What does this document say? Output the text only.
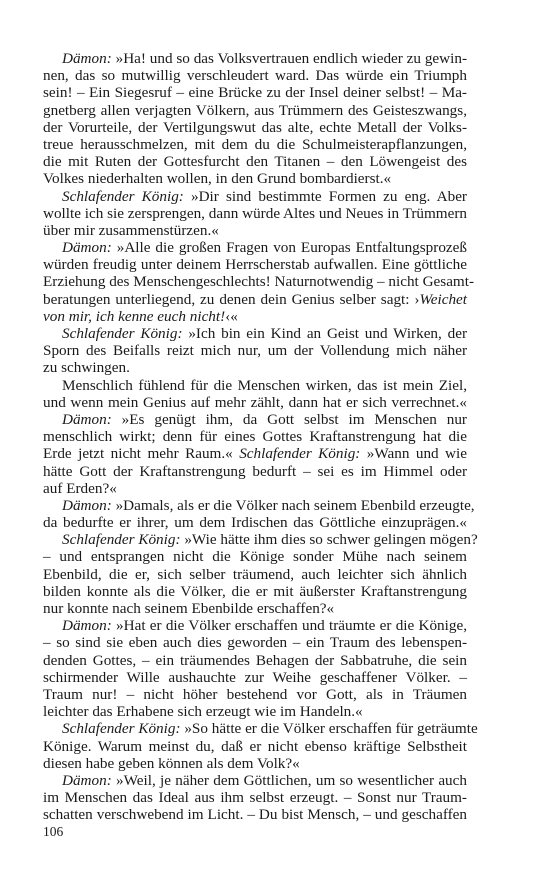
Dämon: »Ha! und so das Volksvertrauen endlich wieder zu gewin-
nen, das so mutwillig verschleudert ward. Das würde ein Triumph
sein! – Ein Siegesruf – eine Brücke zu der Insel deiner selbst! – Ma-
gnetberg allen verjagten Völkern, aus Trümmern des Geisteszwangs,
der Vorurteile, der Vertilgungswut das alte, echte Metall der Volks-
treue herausschmelzen, mit dem du die Schulmeisterapflanzungen,
die mit Ruten der Gottesfurcht den Titanen – den Löwengeist des
Volkes niederhalten wollen, in den Grund bombardierst.«
Schlafender König: »Dir sind bestimmte Formen zu eng. Aber
wollte ich sie zersprengen, dann würde Altes und Neues in Trümmern
über mir zusammenstürzen.«
Dämon: »Alle die großen Fragen von Europas Entfaltungsprozeß
würden freudig unter deinem Herrscherstab aufwallen. Eine göttliche
Erziehung des Menschengeschlechts! Naturnotwendig – nicht Gesamt-
beratungen unterliegend, zu denen dein Genius selber sagt: ›Weichet
von mir, ich kenne euch nicht!‹«
Schlafender König: »Ich bin ein Kind an Geist und Wirken, der
Sporn des Beifalls reizt mich nur, um der Vollendung mich näher
zu schwingen.
Menschlich fühlend für die Menschen wirken, das ist mein Ziel,
und wenn mein Genius auf mehr zählt, dann hat er sich verrechnet.«
Dämon: »Es genügt ihm, da Gott selbst im Menschen nur
menschlich wirkt; denn für eines Gottes Kraftanstrengung hat die
Erde jetzt nicht mehr Raum.« Schlafender König: »Wann und wie
hätte Gott der Kraftanstrengung bedurft – sei es im Himmel oder
auf Erden?«
Dämon: »Damals, als er die Völker nach seinem Ebenbild erzeugte,
da bedurfte er ihrer, um dem Irdischen das Göttliche einzuprägen.«
Schlafender König: »Wie hätte ihm dies so schwer gelingen mögen?
– und entsprangen nicht die Könige sonder Mühe nach seinem
Ebenbild, die er, sich selber träumend, auch leichter sich ähnlich
bilden konnte als die Völker, die er mit äußerster Kraftanstrengung
nur konnte nach seinem Ebenbilde erschaffen?«
Dämon: »Hat er die Völker erschaffen und träumte er die Könige,
– so sind sie eben auch dies geworden – ein Traum des lebenspen-
denden Gottes, – ein träumendes Behagen der Sabbatruhe, die sein
schirmender Wille aushauchte zur Weihe geschaffener Völker. –
Traum nur! – nicht höher bestehend vor Gott, als in Träumen
leichter das Erhabene sich erzeugt wie im Handeln.«
Schlafender König: »So hätte er die Völker erschaffen für geträumte
Könige. Warum meinst du, daß er nicht ebenso kräftige Selbstheit
diesen habe geben können als dem Volk?«
Dämon: »Weil, je näher dem Göttlichen, um so wesentlicher auch
im Menschen das Ideal aus ihm selbst erzeugt. – Sonst nur Traum-
schatten verschwebend im Licht. – Du bist Mensch, – und geschaffen
106
